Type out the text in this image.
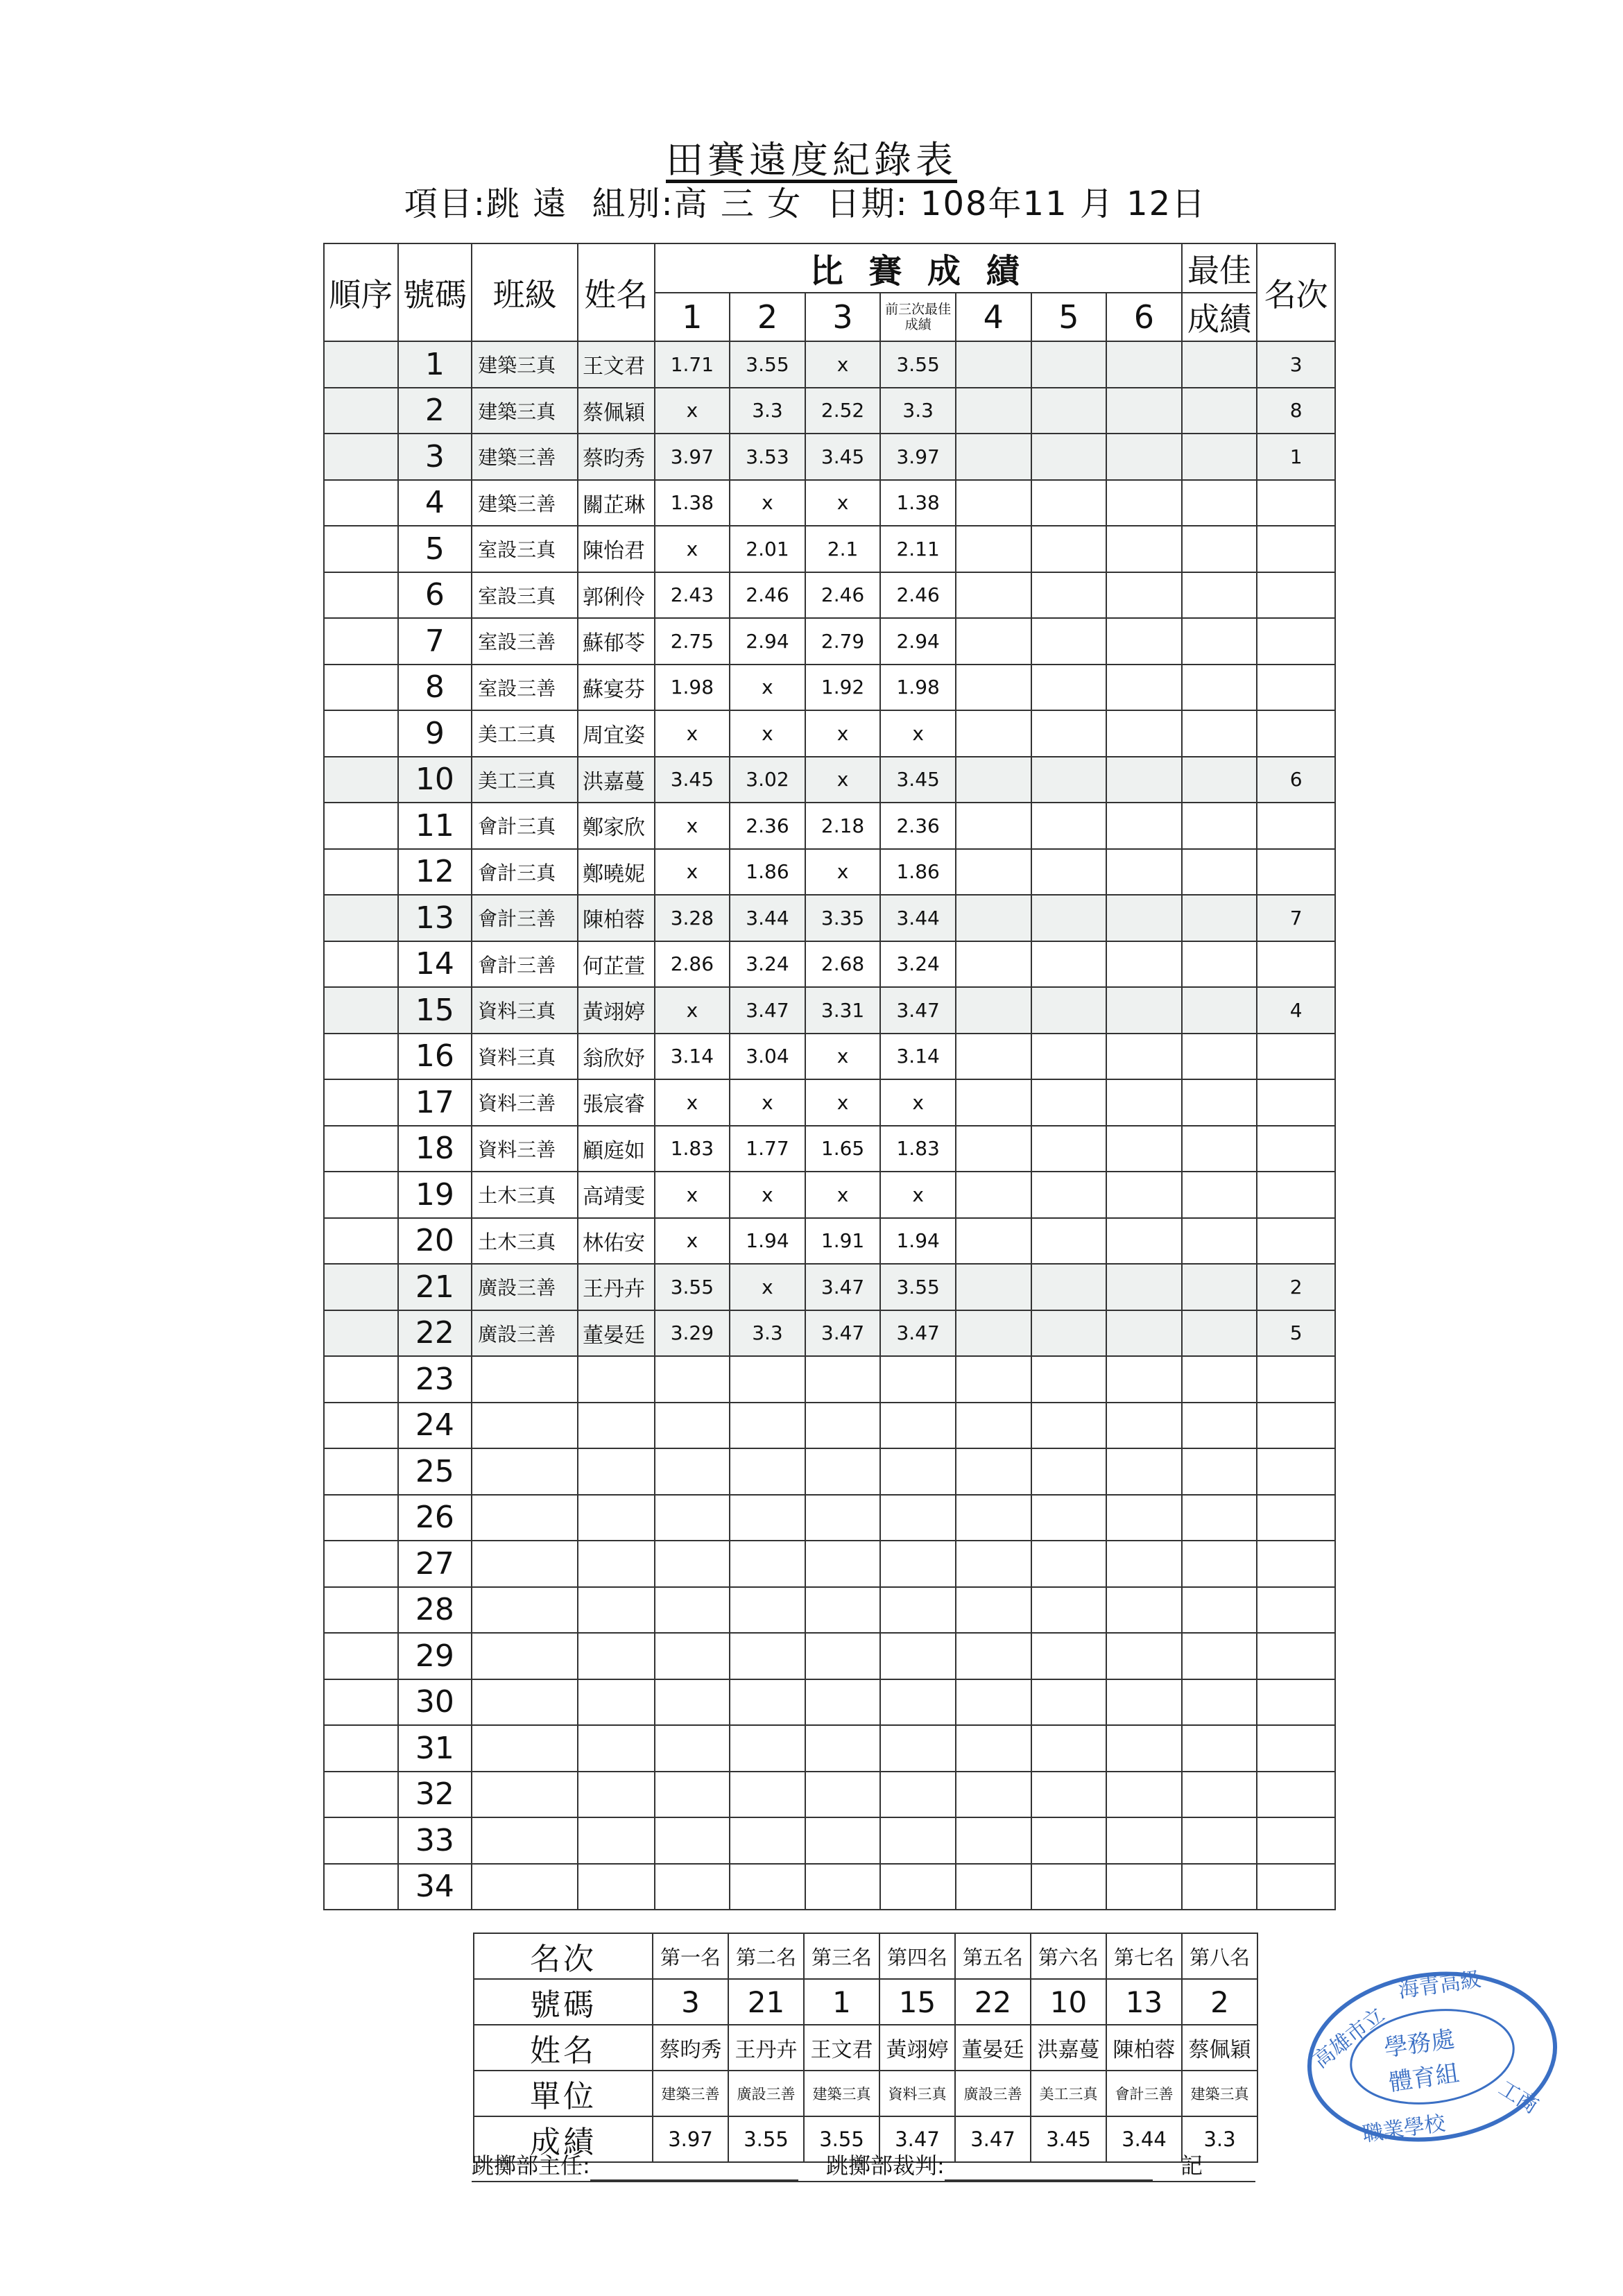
田賽遠度紀錄表
項目:跳 遠 組別:高 三 女 日期: 108年11 月 12日
順序	號碼	班級	姓名	比 賽 成 績							最佳	名次
				1	2	3	前三次最佳成績	4	5	6	成績	
	1	建築三真	王文君	1.71	3.55	x	3.55					3
	2	建築三真	蔡佩穎	x	3.3	2.52	3.3					8
	3	建築三善	蔡昀秀	3.97	3.53	3.45	3.97					1
	4	建築三善	關芷琳	1.38	x	x	1.38					
	5	室設三真	陳怡君	x	2.01	2.1	2.11					
	6	室設三真	郭俐伶	2.43	2.46	2.46	2.46					
	7	室設三善	蘇郁苓	2.75	2.94	2.79	2.94					
	8	室設三善	蘇宴芬	1.98	x	1.92	1.98					
	9	美工三真	周宜姿	x	x	x	x					
	10	美工三真	洪嘉蔓	3.45	3.02	x	3.45					6
	11	會計三真	鄭家欣	x	2.36	2.18	2.36					
	12	會計三真	鄭曉妮	x	1.86	x	1.86					
	13	會計三善	陳柏蓉	3.28	3.44	3.35	3.44					7
	14	會計三善	何芷萱	2.86	3.24	2.68	3.24					
	15	資料三真	黃翊婷	x	3.47	3.31	3.47					4
	16	資料三真	翁欣妤	3.14	3.04	x	3.14					
	17	資料三善	張宸睿	x	x	x	x					
	18	資料三善	顧庭如	1.83	1.77	1.65	1.83					
	19	土木三真	高靖雯	x	x	x	x					
	20	土木三真	林佑安	x	1.94	1.91	1.94					
	21	廣設三善	王丹卉	3.55	x	3.47	3.55					2
	22	廣設三善	董晏廷	3.29	3.3	3.47	3.47					5
	23											
	24											
	25											
	26											
	27											
	28											
	29											
	30											
	31											
	32											
	33											
	34											
名次	第一名	第二名	第三名	第四名	第五名	第六名	第七名	第八名
號碼	3	21	1	15	22	10	13	2
姓名	蔡昀秀	王丹卉	王文君	黃翊婷	董晏廷	洪嘉蔓	陳柏蓉	蔡佩穎
單位	建築三善	廣設三善	建築三真	資料三真	廣設三善	美工三真	會計三善	建築三真
成績	3.97	3.55	3.55	3.47	3.47	3.45	3.44	3.3
跳擲部主任:	跳擲部裁判:	記
學務處
體育組
高雄市立
海青高級
工商
職業學校
